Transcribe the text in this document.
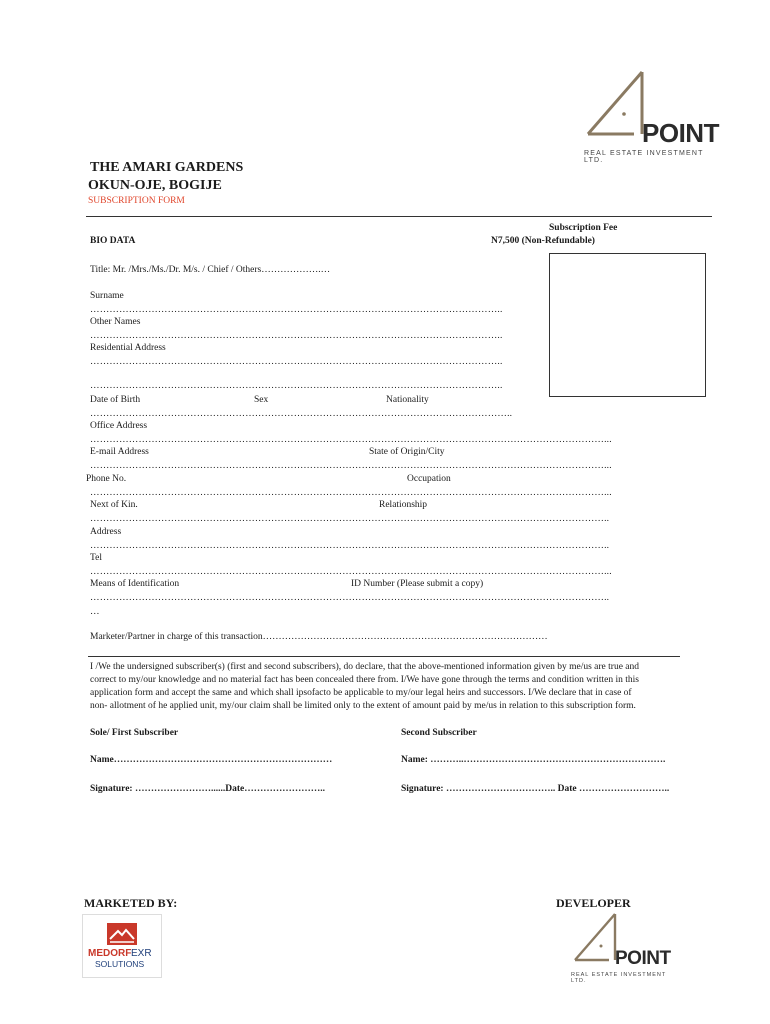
POINT
REAL ESTATE INVESTMENT LTD.
THE AMARI GARDENS
OKUN-OJE, BOGIJE
SUBSCRIPTION FORM
BIO DATA
Subscription Fee
N7,500 (Non-Refundable)
Title: Mr. /Mrs./Ms./Dr. M/s. / Chief / Others……………….…
Surname
………………………………………………………………………………………………………………..
Other Names
………………………………………………………………………………………………………………..
Residential Address
………………………………………………………………………………………………………………..
………………………………………………………………………………………………………………..
Date of Birth	Sex	Nationality
…………………………………………………………………………………………………………………..
Office Address
……………………………………………………………………………………………………………………………………………...
E-mail Address	State of Origin/City
……………………………………………………………………………………………………………………………………………...
Phone No.	Occupation
……………………………………………………………………………………………………………………………………………...
Next of Kin.	Relationship
……………………………………………………………………………………………………………………………………………..
Address
……………………………………………………………………………………………………………………………………………..
Tel
……………………………………………………………………………………………………………………………………………...
Means of Identification	ID Number (Please submit a copy)
……………………………………………………………………………………………………………………………………………..
…
Marketer/Partner in charge of this transaction………………………………………………………………………………
I /We the undersigned subscriber(s) (first and second subscribers), do declare, that the above-mentioned information given by me/us are true and
correct to my/our knowledge and no material fact has been concealed there from. I/We have gone through the terms and condition written in this
application form and accept the same and which shall ipsofacto be applicable to my/our legal heirs and successors. I/We declare that in case of
non- allotment of he applied unit, my/our claim shall be limited only to the extent of amount paid by me/us in relation to this subscription form.
Sole/ First Subscriber	Second Subscriber
Name……………………………………………………………	Name: ………..……………………………………………………….
Signature: ……………………......Date……………………..	Signature: …………………………….. Date ………………………..
MARKETED BY:	DEVELOPER
MEDORF EXR
SOLUTIONS	POINT
REAL ESTATE INVESTMENT LTD.
